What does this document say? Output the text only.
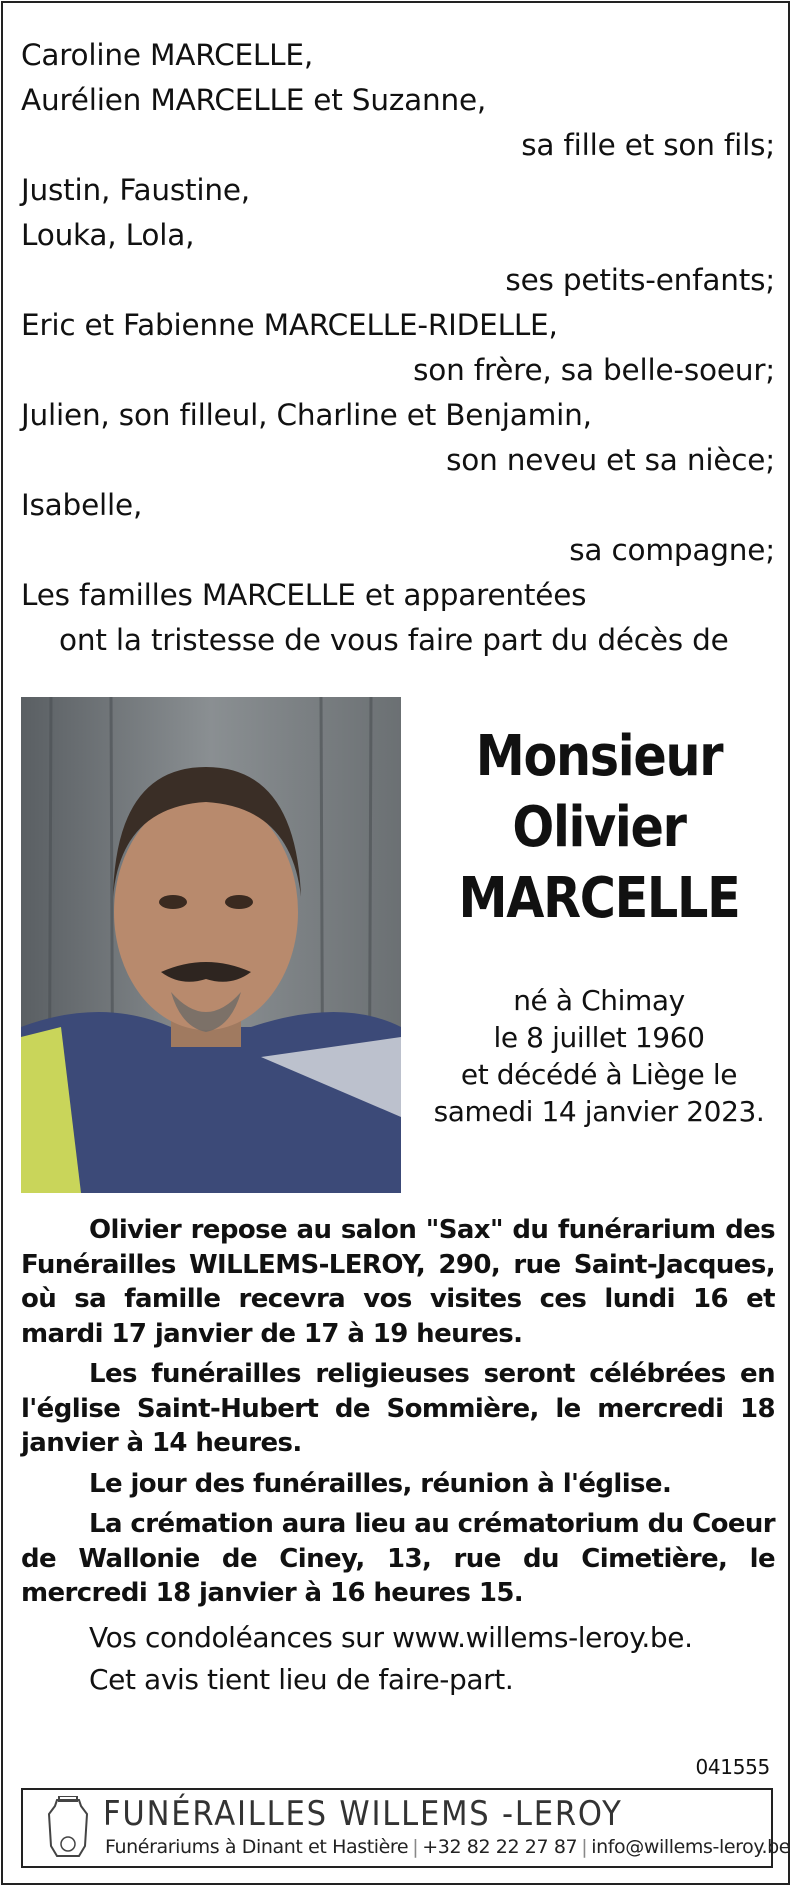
Caroline MARCELLE,
Aurélien MARCELLE et Suzanne,
sa fille et son fils;
Justin, Faustine,
Louka, Lola,
ses petits-enfants;
Eric et Fabienne MARCELLE-RIDELLE,
son frère, sa belle-soeur;
Julien, son filleul, Charline et Benjamin,
son neveu et sa nièce;
Isabelle,
sa compagne;
Les familles MARCELLE et apparentées
ont la tristesse de vous faire part du décès de
Monsieur
Olivier
MARCELLE
né à Chimay
le 8 juillet 1960
et décédé à Liège le
samedi 14 janvier 2023.

Olivier repose au salon "Sax" du funérarium des Funérailles WILLEMS-LEROY, 290, rue Saint-Jacques, où sa famille recevra vos visites ces lundi 16 et mardi 17 janvier de 17 à 19 heures.

Les funérailles religieuses seront célébrées en l'église Saint-Hubert de Sommière, le mercredi 18 janvier à 14 heures.

Le jour des funérailles, réunion à l'église.

La crémation aura lieu au crématorium du Coeur de Wallonie de Ciney, 13, rue du Cimetière, le mercredi 18 janvier à 16 heures 15.

Vos condoléances sur www.willems-leroy.be.

Cet avis tient lieu de faire-part.

041555
FUNÉRAILLES WILLEMS -LEROY
Funérariums à Dinant et Hastière | +32 82 22 27 87 | info@willems-leroy.be
